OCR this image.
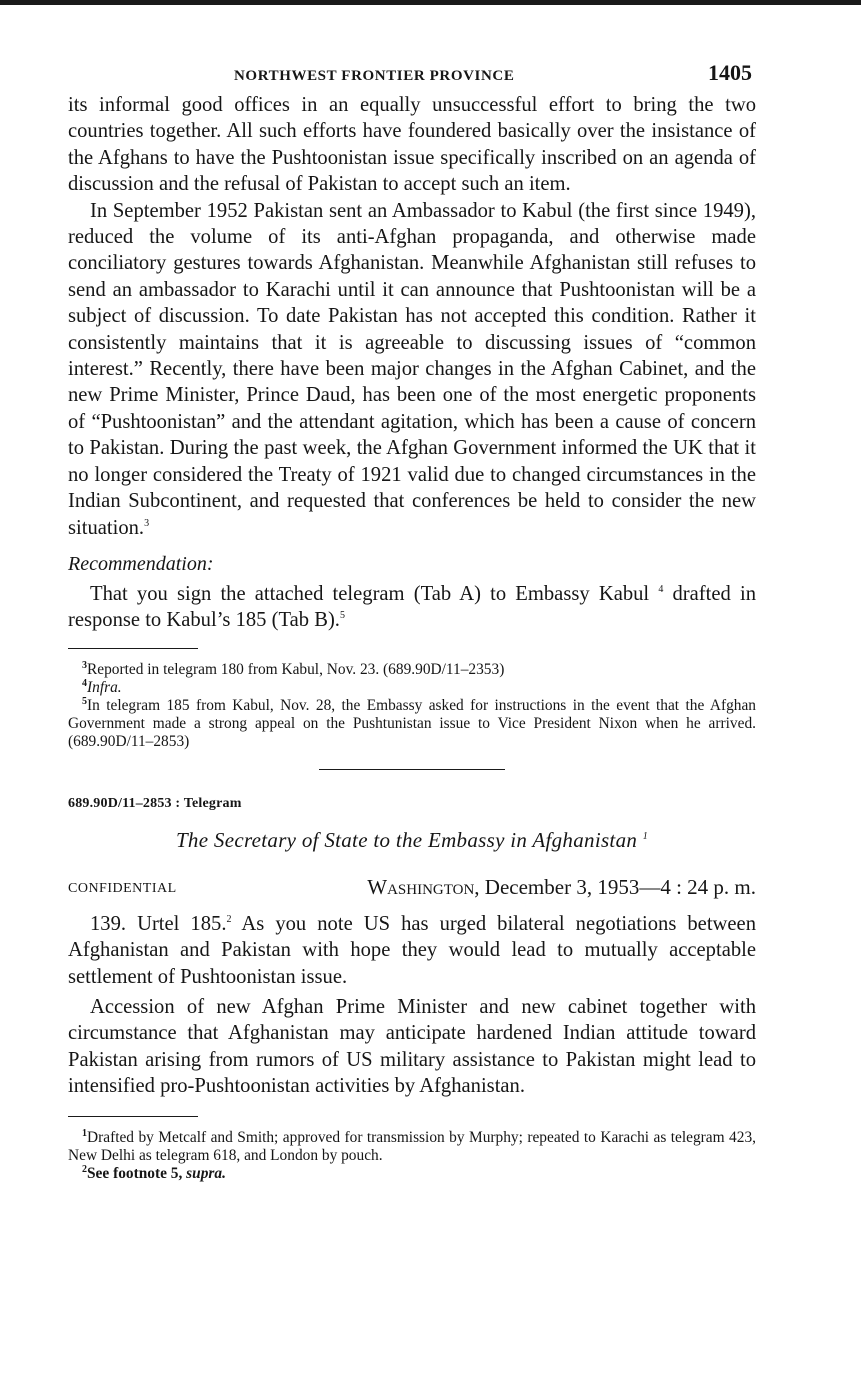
NORTHWEST FRONTIER PROVINCE	1405

its informal good offices in an equally unsuccessful effort to bring the two countries together. All such efforts have foundered basically over the insistance of the Afghans to have the Pushtoonistan issue specifically inscribed on an agenda of discussion and the refusal of Pakistan to accept such an item.

In September 1952 Pakistan sent an Ambassador to Kabul (the first since 1949), reduced the volume of its anti-Afghan propaganda, and otherwise made conciliatory gestures towards Afghanistan. Meanwhile Afghanistan still refuses to send an ambassador to Karachi until it can announce that Pushtoonistan will be a subject of discussion. To date Pakistan has not accepted this condition. Rather it consistently maintains that it is agreeable to discussing issues of “common interest.” Recently, there have been major changes in the Afghan Cabinet, and the new Prime Minister, Prince Daud, has been one of the most energetic proponents of “Pushtoonistan” and the attendant agitation, which has been a cause of concern to Pakistan. During the past week, the Afghan Government informed the UK that it no longer considered the Treaty of 1921 valid due to changed circumstances in the Indian Subcontinent, and requested that conferences be held to consider the new situation.$^3$

Recommendation:

That you sign the attached telegram (Tab A) to Embassy Kabul $^4$ drafted in response to Kabul’s 185 (Tab B).$^5$

$^3$Reported in telegram 180 from Kabul, Nov. 23. (689.90D/11–2353)

$^4$Infra.

$^5$In telegram 185 from Kabul, Nov. 28, the Embassy asked for instructions in the event that the Afghan Government made a strong appeal on the Pushtunistan issue to Vice President Nixon when he arrived. (689.90D/11–2853)

689.90D/11–2853 : Telegram
The Secretary of State to the Embassy in Afghanistan $^1$
CONFIDENTIAL	Washington, December 3, 1953—4 : 24 p. m.

139. Urtel 185.$^2$ As you note US has urged bilateral negotiations between Afghanistan and Pakistan with hope they would lead to mutually acceptable settlement of Pushtoonistan issue.

Accession of new Afghan Prime Minister and new cabinet together with circumstance that Afghanistan may anticipate hardened Indian attitude toward Pakistan arising from rumors of US military assistance to Pakistan might lead to intensified pro-Pushtoonistan activities by Afghanistan.

$^1$Drafted by Metcalf and Smith; approved for transmission by Murphy; repeated to Karachi as telegram 423, New Delhi as telegram 618, and London by pouch.

$^2$See footnote 5, supra.
